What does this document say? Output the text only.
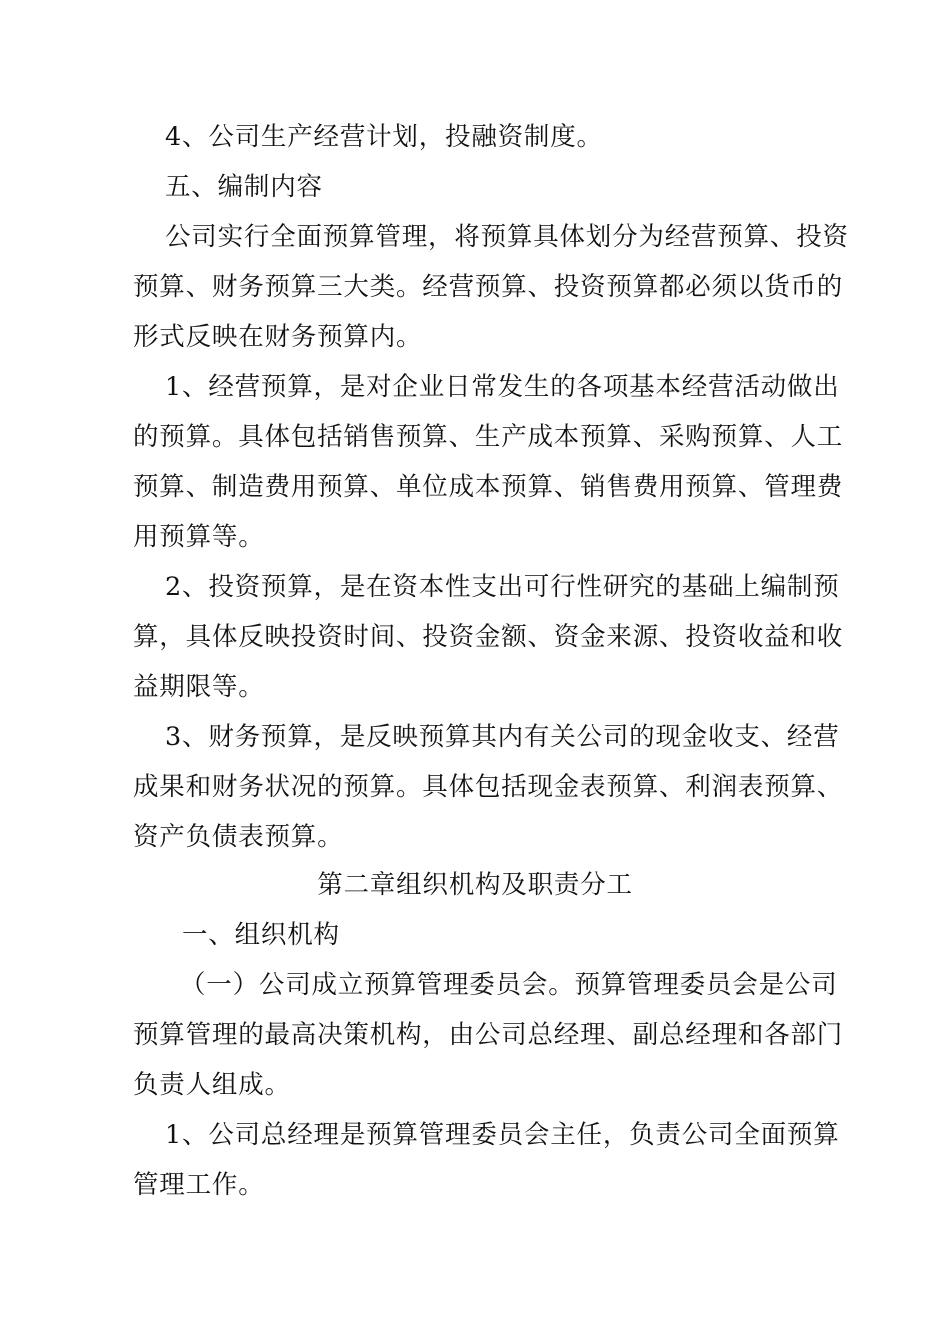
4、公司生产经营计划，投融资制度。
五、编制内容
公司实行全面预算管理，将预算具体划分为经营预算、投资
预算、财务预算三大类。经营预算、投资预算都必须以货币的
形式反映在财务预算内。
1、经营预算，是对企业日常发生的各项基本经营活动做出
的预算。具体包括销售预算、生产成本预算、采购预算、人工
预算、制造费用预算、单位成本预算、销售费用预算、管理费
用预算等。
2、投资预算，是在资本性支出可行性研究的基础上编制预
算，具体反映投资时间、投资金额、资金来源、投资收益和收
益期限等。
3、财务预算，是反映预算其内有关公司的现金收支、经营
成果和财务状况的预算。具体包括现金表预算、利润表预算、
资产负债表预算。
第二章组织机构及职责分工
一、组织机构
（一）公司成立预算管理委员会。预算管理委员会是公司
预算管理的最高决策机构，由公司总经理、副总经理和各部门
负责人组成。
1、公司总经理是预算管理委员会主任，负责公司全面预算
管理工作。
